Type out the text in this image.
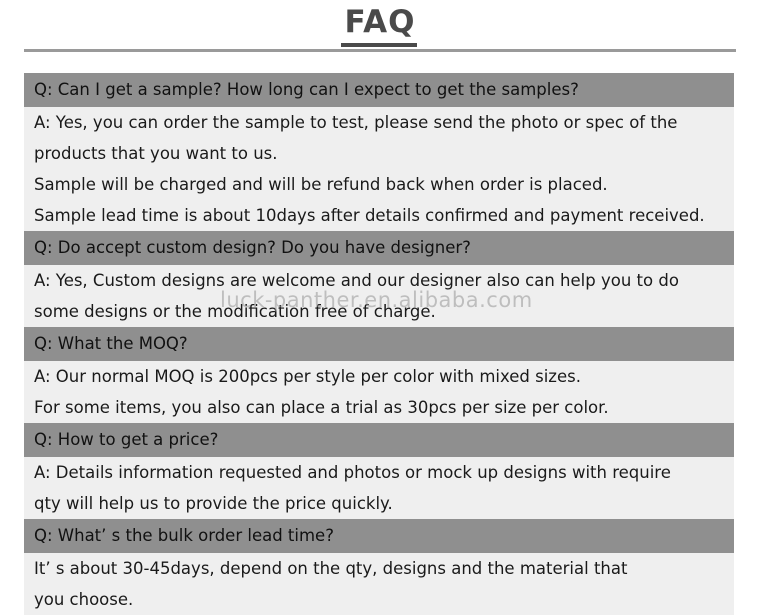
FAQ
Q: Can I get a sample? How long can I expect to get the samples?
A: Yes, you can order the sample to test, please send the photo or spec of the
products that you want to us.
Sample will be charged and will be refund back when order is placed.
Sample lead time is about 10days after details confirmed and payment received.
Q: Do accept custom design? Do you have designer?
A: Yes, Custom designs are welcome and our designer also can help you to do
some designs or the modification free of charge.
Q: What the MOQ?
A: Our normal MOQ is 200pcs per style per color with mixed sizes.
For some items, you also can place a trial as 30pcs per size per color.
Q: How to get a price?
A: Details information requested and photos or mock up designs with require
qty will help us to provide the price quickly.
Q: What’ s the bulk order lead time?
It’ s about 30-45days, depend on the qty, designs and the material that
you choose.
luck-panther.en.alibaba.com
